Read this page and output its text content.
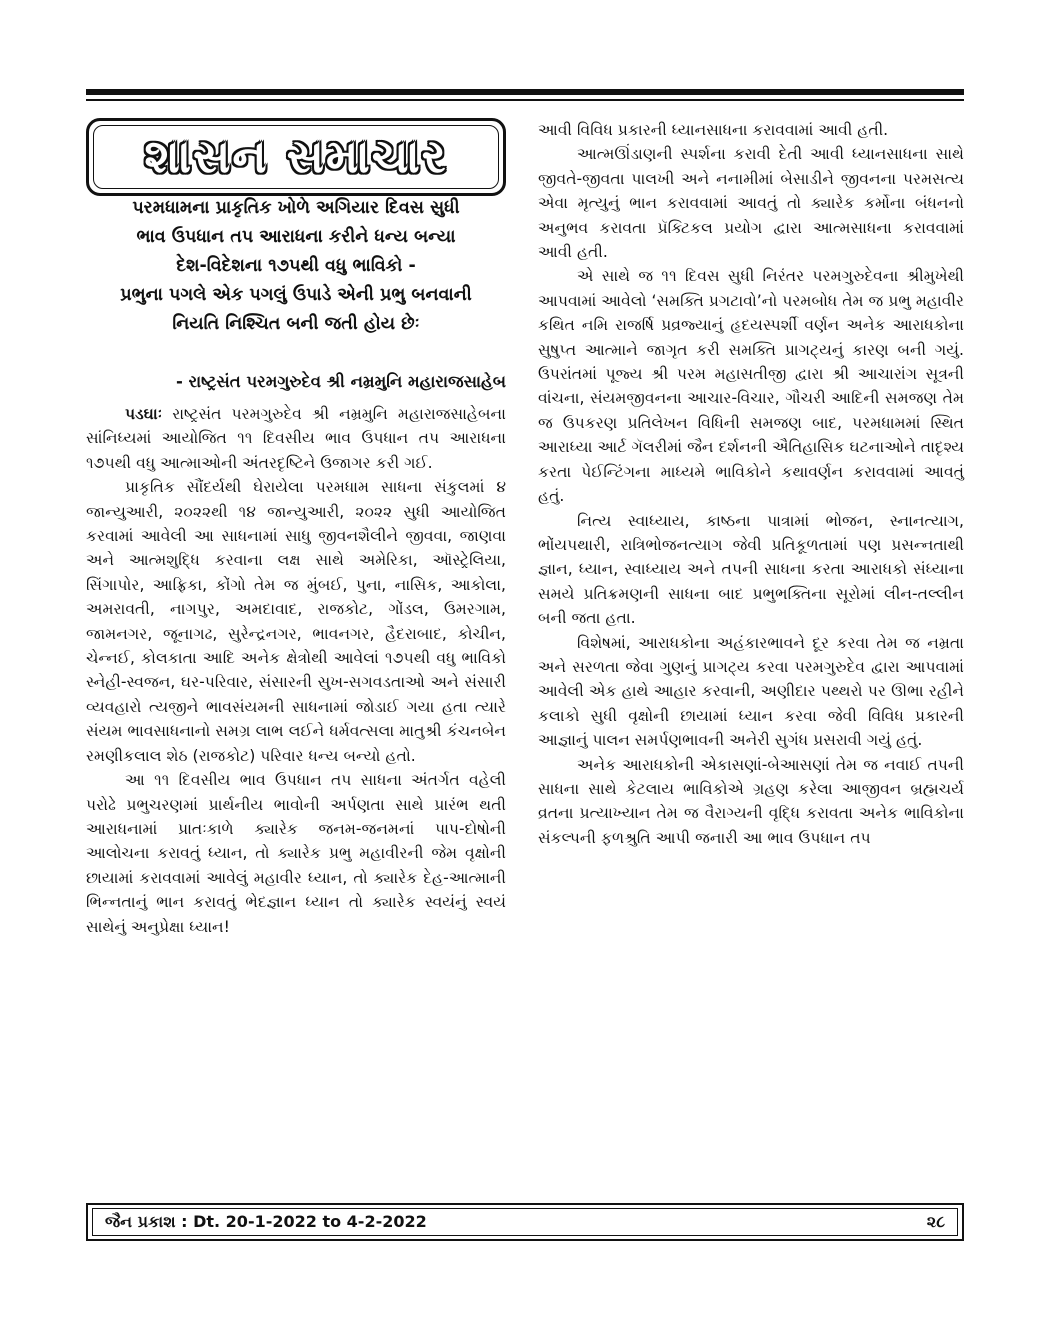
શાસન સમાચાર
પરમધામના પ્રાકૃતિક ખોળે અગિયાર દિવસ સુધી
ભાવ ઉપધાન તપ આરાધના કરીને ધન્ય બન્યા
દેશ-વિદેશના ૧૭૫થી વધુ ભાવિકો -
પ્રભુના પગલે એક પગલું ઉપાડે એની પ્રભુ બનવાની
નિયતિ નિશ્ચિત બની જતી હોય છેઃ
- રાષ્ટ્રસંત પરમગુરુદેવ શ્રી નમ્રમુનિ મહારાજસાહેબ

પડઘાઃ રાષ્ટ્રસંત પરમગુરુદેવ શ્રી નમ્રમુનિ મહારાજસાહેબના સાંનિધ્યમાં આયોજિત ૧૧ દિવસીય ભાવ ઉપધાન તપ આરાધના ૧૭૫થી વધુ આત્માઓની અંતરદૃષ્ટિને ઉજાગર કરી ગઈ.

પ્રાકૃતિક સૌંદર્યથી ઘેરાયેલા પરમધામ સાધના સંકુલમાં ૪ જાન્યુઆરી, ૨૦૨૨થી ૧૪ જાન્યુઆરી, ૨૦૨૨ સુધી આયોજિત કરવામાં આવેલી આ સાધનામાં સાધુ જીવનશૈલીને જીવવા, જાણવા અને આત્મશુદ્ધિ કરવાના લક્ષ સાથે અમેરિકા, ઑસ્ટ્રેલિયા, સિંગાપોર, આફ્રિકા, કોંગો તેમ જ મુંબઈ, પુના, નાસિક, આકોલા, અમરાવતી, નાગપુર, અમદાવાદ, રાજકોટ, ગોંડલ, ઉમરગામ, જામનગર, જૂનાગઢ, સુરેન્દ્રનગર, ભાવનગર, હૈદરાબાદ, કોચીન, ચેન્નઈ, કોલકાતા આદિ અનેક ક્ષેત્રોથી આવેલાં ૧૭૫થી વધુ ભાવિકો સ્નેહી-સ્વજન, ઘર-પરિવાર, સંસારની સુખ-સગવડતાઓ અને સંસારી વ્યવહારો ત્યજીને ભાવસંયમની સાધનામાં જોડાઈ ગયા હતા ત્યારે સંયમ ભાવસાધનાનો સમગ્ર લાભ લઈને ધર્મવત્સલા માતુશ્રી કંચનબેન રમણીકલાલ શેઠ (રાજકોટ) પરિવાર ધન્ય બન્યો હતો.

આ ૧૧ દિવસીય ભાવ ઉપધાન તપ સાધના અંતર્ગત વહેલી પરોઢે પ્રભુચરણમાં પ્રાર્થનીય ભાવોની અર્પણતા સાથે પ્રારંભ થતી આરાધનામાં પ્રાતઃકાળે ક્યારેક જનમ-જનમનાં પાપ-દોષોની આલોચના કરાવતું ધ્યાન, તો ક્યારેક પ્રભુ મહાવીરની જેમ વૃક્ષોની છાયામાં કરાવવામાં આવેલું મહાવીર ધ્યાન, તો ક્યારેક દેહ-આત્માની ભિન્નતાનું ભાન કરાવતું ભેદજ્ઞાન ધ્યાન તો ક્યારેક સ્વયંનું સ્વયં સાથેનું અનુપ્રેક્ષા ધ્યાન!

આવી વિવિધ પ્રકારની ધ્યાનસાધના કરાવવામાં આવી હતી.

આત્મઊંડાણની સ્પર્શના કરાવી દેતી આવી ધ્યાનસાધના સાથે જીવતે-જીવતા પાલખી અને નનામીમાં બેસાડીને જીવનના પરમસત્ય એવા મૃત્યુનું ભાન કરાવવામાં આવતું તો ક્યારેક કર્મોના બંધનનો અનુભવ કરાવતા પ્રૅક્ટિકલ પ્રયોગ દ્વારા આત્મસાધના કરાવવામાં આવી હતી.

એ સાથે જ ૧૧ દિવસ સુધી નિરંતર પરમગુરુદેવના શ્રીમુખેથી આપવામાં આવેલો ‘સમક્તિ પ્રગટાવો’નો પરમબોધ તેમ જ પ્રભુ મહાવીર કથિત નમિ રાજર્ષિ પ્રવ્રજ્યાનું હૃદયસ્પર્શી વર્ણન અનેક આરાધકોના સુષુપ્ત આત્માને જાગૃત કરી સમક્તિ પ્રાગટ્યનું કારણ બની ગયું. ઉપરાંતમાં પૂજ્ય શ્રી પરમ મહાસતીજી દ્વારા શ્રી આચારાંગ સૂત્રની વાંચના, સંયમજીવનના આચાર-વિચાર, ગૌચરી આદિની સમજણ તેમ જ ઉપકરણ પ્રતિલેખન વિધિની સમજણ બાદ, પરમધામમાં સ્થિત આરાધ્યા આર્ટ ગૅલરીમાં જૈન દર્શનની ઐતિહાસિક ઘટનાઓને તાદૃશ્ય કરતા પેઈન્ટિંગના માધ્યમે ભાવિકોને કથાવર્ણન કરાવવામાં આવતું હતું.

નિત્ય સ્વાધ્યાય, કાષ્ઠના પાત્રામાં ભોજન, સ્નાનત્યાગ, ભોંયપથારી, રાત્રિભોજનત્યાગ જેવી પ્રતિકૂળતામાં પણ પ્રસન્નતાથી જ્ઞાન, ધ્યાન, સ્વાધ્યાય અને તપની સાધના કરતા આરાધકો સંધ્યાના સમયે પ્રતિક્રમણની સાધના બાદ પ્રભુભક્તિના સૂરોમાં લીન-તલ્લીન બની જતા હતા.

વિશેષમાં, આરાધકોના અહંકારભાવને દૂર કરવા તેમ જ નમ્રતા અને સરળતા જેવા ગુણનું પ્રાગટ્ય કરવા પરમગુરુદેવ દ્વારા આપવામાં આવેલી એક હાથે આહાર કરવાની, અણીદાર પથ્થરો પર ઊભા રહીને કલાકો સુધી વૃક્ષોની છાયામાં ધ્યાન કરવા જેવી વિવિધ પ્રકારની આજ્ઞાનું પાલન સમર્પણભાવની અનેરી સુગંધ પ્રસરાવી ગયું હતું.

અનેક આરાધકોની એકાસણાં-બેઆસણાં તેમ જ નવાઈ તપની સાધના સાથે કેટલાય ભાવિકોએ ગ્રહણ કરેલા આજીવન બ્રહ્મચર્ય વ્રતના પ્રત્યાખ્યાન તેમ જ વૈરાગ્યની વૃદ્ધિ કરાવતા અનેક ભાવિકોના સંકલ્પની ફળશ્રુતિ આપી જનારી આ ભાવ ઉપધાન તપ

જૈન પ્રકાશ : Dt. 20-1-2022 to 4-2-2022	૨૮
